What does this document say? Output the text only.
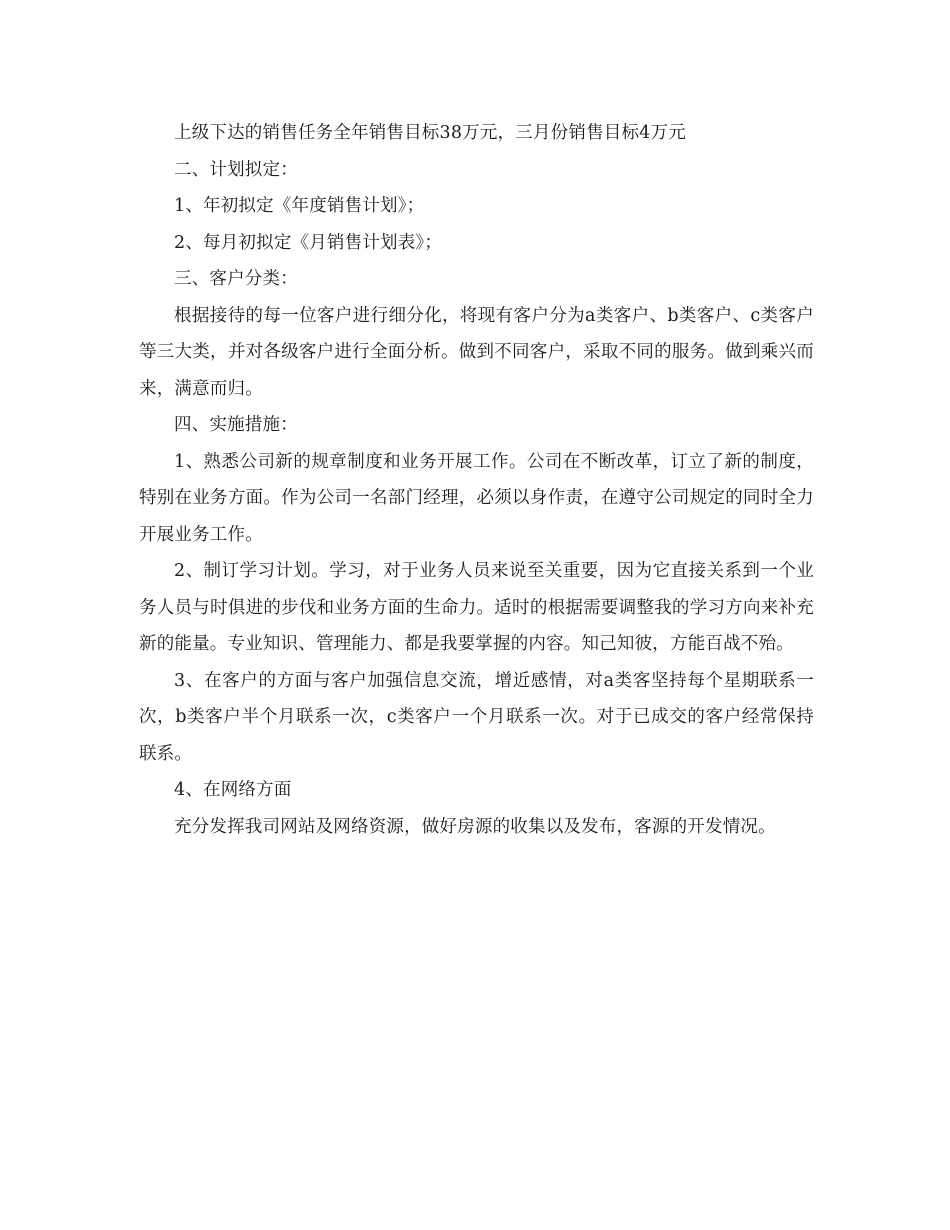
上级下达的销售任务全年销售目标38万元，三月份销售目标4万元

二、计划拟定：

1、年初拟定《年度销售计划》；

2、每月初拟定《月销售计划表》；

三、客户分类：

根据接待的每一位客户进行细分化，将现有客户分为a类客户、b类客户、c类客户等三大类，并对各级客户进行全面分析。做到不同客户，采取不同的服务。做到乘兴而来，满意而归。

四、实施措施：

1、熟悉公司新的规章制度和业务开展工作。公司在不断改革，订立了新的制度，特别在业务方面。作为公司一名部门经理，必须以身作责，在遵守公司规定的同时全力开展业务工作。

2、制订学习计划。学习，对于业务人员来说至关重要，因为它直接关系到一个业务人员与时俱进的步伐和业务方面的生命力。适时的根据需要调整我的学习方向来补充新的能量。专业知识、管理能力、都是我要掌握的内容。知己知彼，方能百战不殆。

3、在客户的方面与客户加强信息交流，增近感情，对a类客坚持每个星期联系一次，b类客户半个月联系一次，c类客户一个月联系一次。对于已成交的客户经常保持联系。

4、在网络方面

充分发挥我司网站及网络资源，做好房源的收集以及发布，客源的开发情况。
